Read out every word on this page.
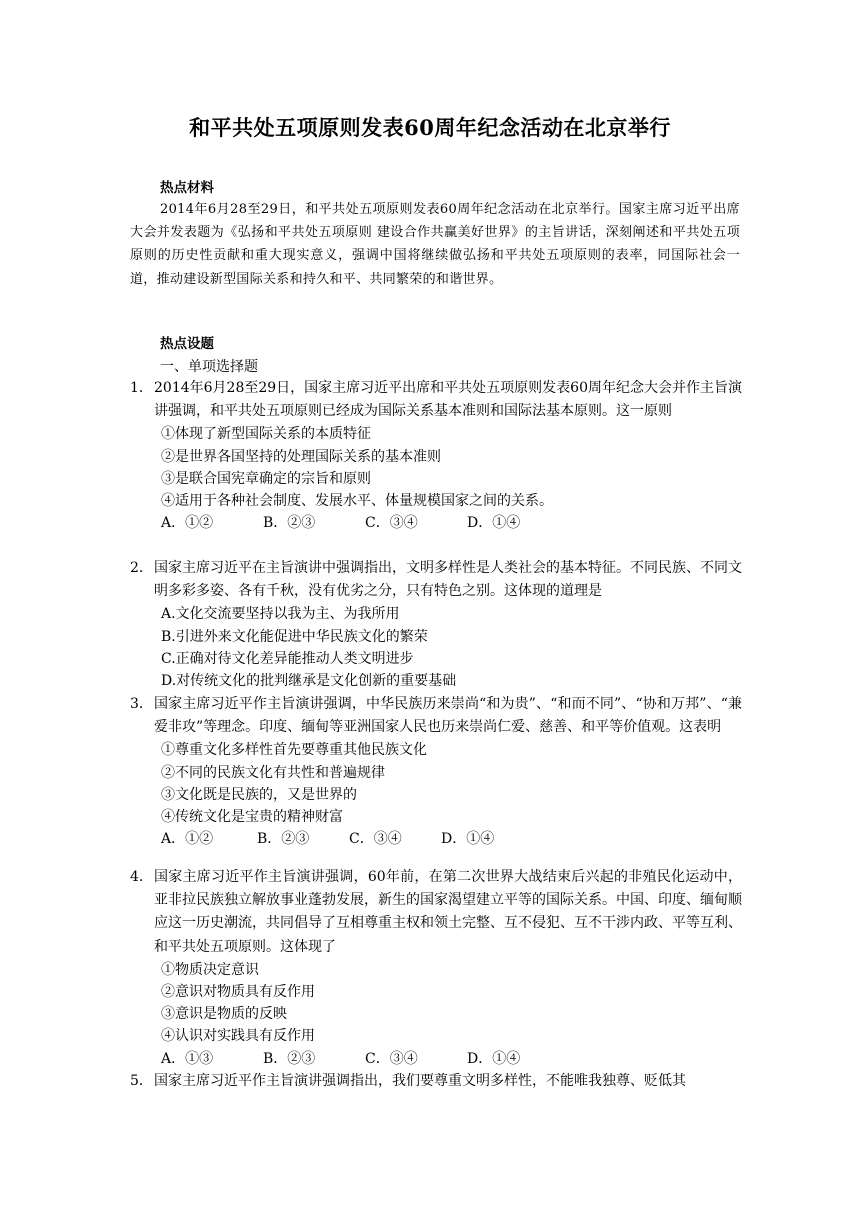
和平共处五项原则发表60周年纪念活动在北京举行

热点材料

2014年6月28至29日，和平共处五项原则发表60周年纪念活动在北京举行。国家主席习近平出席大会并发表题为《弘扬和平共处五项原则 建设合作共赢美好世界》的主旨讲话，深刻阐述和平共处五项原则的历史性贡献和重大现实意义，强调中国将继续做弘扬和平共处五项原则的表率，同国际社会一道，推动建设新型国际关系和持久和平、共同繁荣的和谐世界。

热点设题

一、单项选择题

1． 2014年6月28至29日，国家主席习近平出席和平共处五项原则发表60周年纪念大会并作主旨演讲强调，和平共处五项原则已经成为国际关系基本准则和国际法基本原则。这一原则

①体现了新型国际关系的本质特征

②是世界各国坚持的处理国际关系的基本准则

③是联合国宪章确定的宗旨和原则

④适用于各种社会制度、发展水平、体量规模国家之间的关系。

A．①②	B．②③	C．③④	D．①④

2． 国家主席习近平在主旨演讲中强调指出，文明多样性是人类社会的基本特征。不同民族、不同文明多彩多姿、各有千秋，没有优劣之分，只有特色之别。这体现的道理是

A.文化交流要坚持以我为主、为我所用

B.引进外来文化能促进中华民族文化的繁荣

C.正确对待文化差异能推动人类文明进步

D.对传统文化的批判继承是文化创新的重要基础

3． 国家主席习近平作主旨演讲强调，中华民族历来崇尚“和为贵”、“和而不同”、“协和万邦”、“兼爱非攻”等理念。印度、缅甸等亚洲国家人民也历来崇尚仁爱、慈善、和平等价值观。这表明

①尊重文化多样性首先要尊重其他民族文化

②不同的民族文化有共性和普遍规律

③文化既是民族的，又是世界的

④传统文化是宝贵的精神财富

A．①②	B．②③	C．③④	D．①④

4． 国家主席习近平作主旨演讲强调，60年前，在第二次世界大战结束后兴起的非殖民化运动中，亚非拉民族独立解放事业蓬勃发展，新生的国家渴望建立平等的国际关系。中国、印度、缅甸顺应这一历史潮流，共同倡导了互相尊重主权和领土完整、互不侵犯、互不干涉内政、平等互利、和平共处五项原则。这体现了

①物质决定意识

②意识对物质具有反作用

③意识是物质的反映

④认识对实践具有反作用

A．①③	B．②③	C．③④	D．①④

5． 国家主席习近平作主旨演讲强调指出，我们要尊重文明多样性，不能唯我独尊、贬低其
